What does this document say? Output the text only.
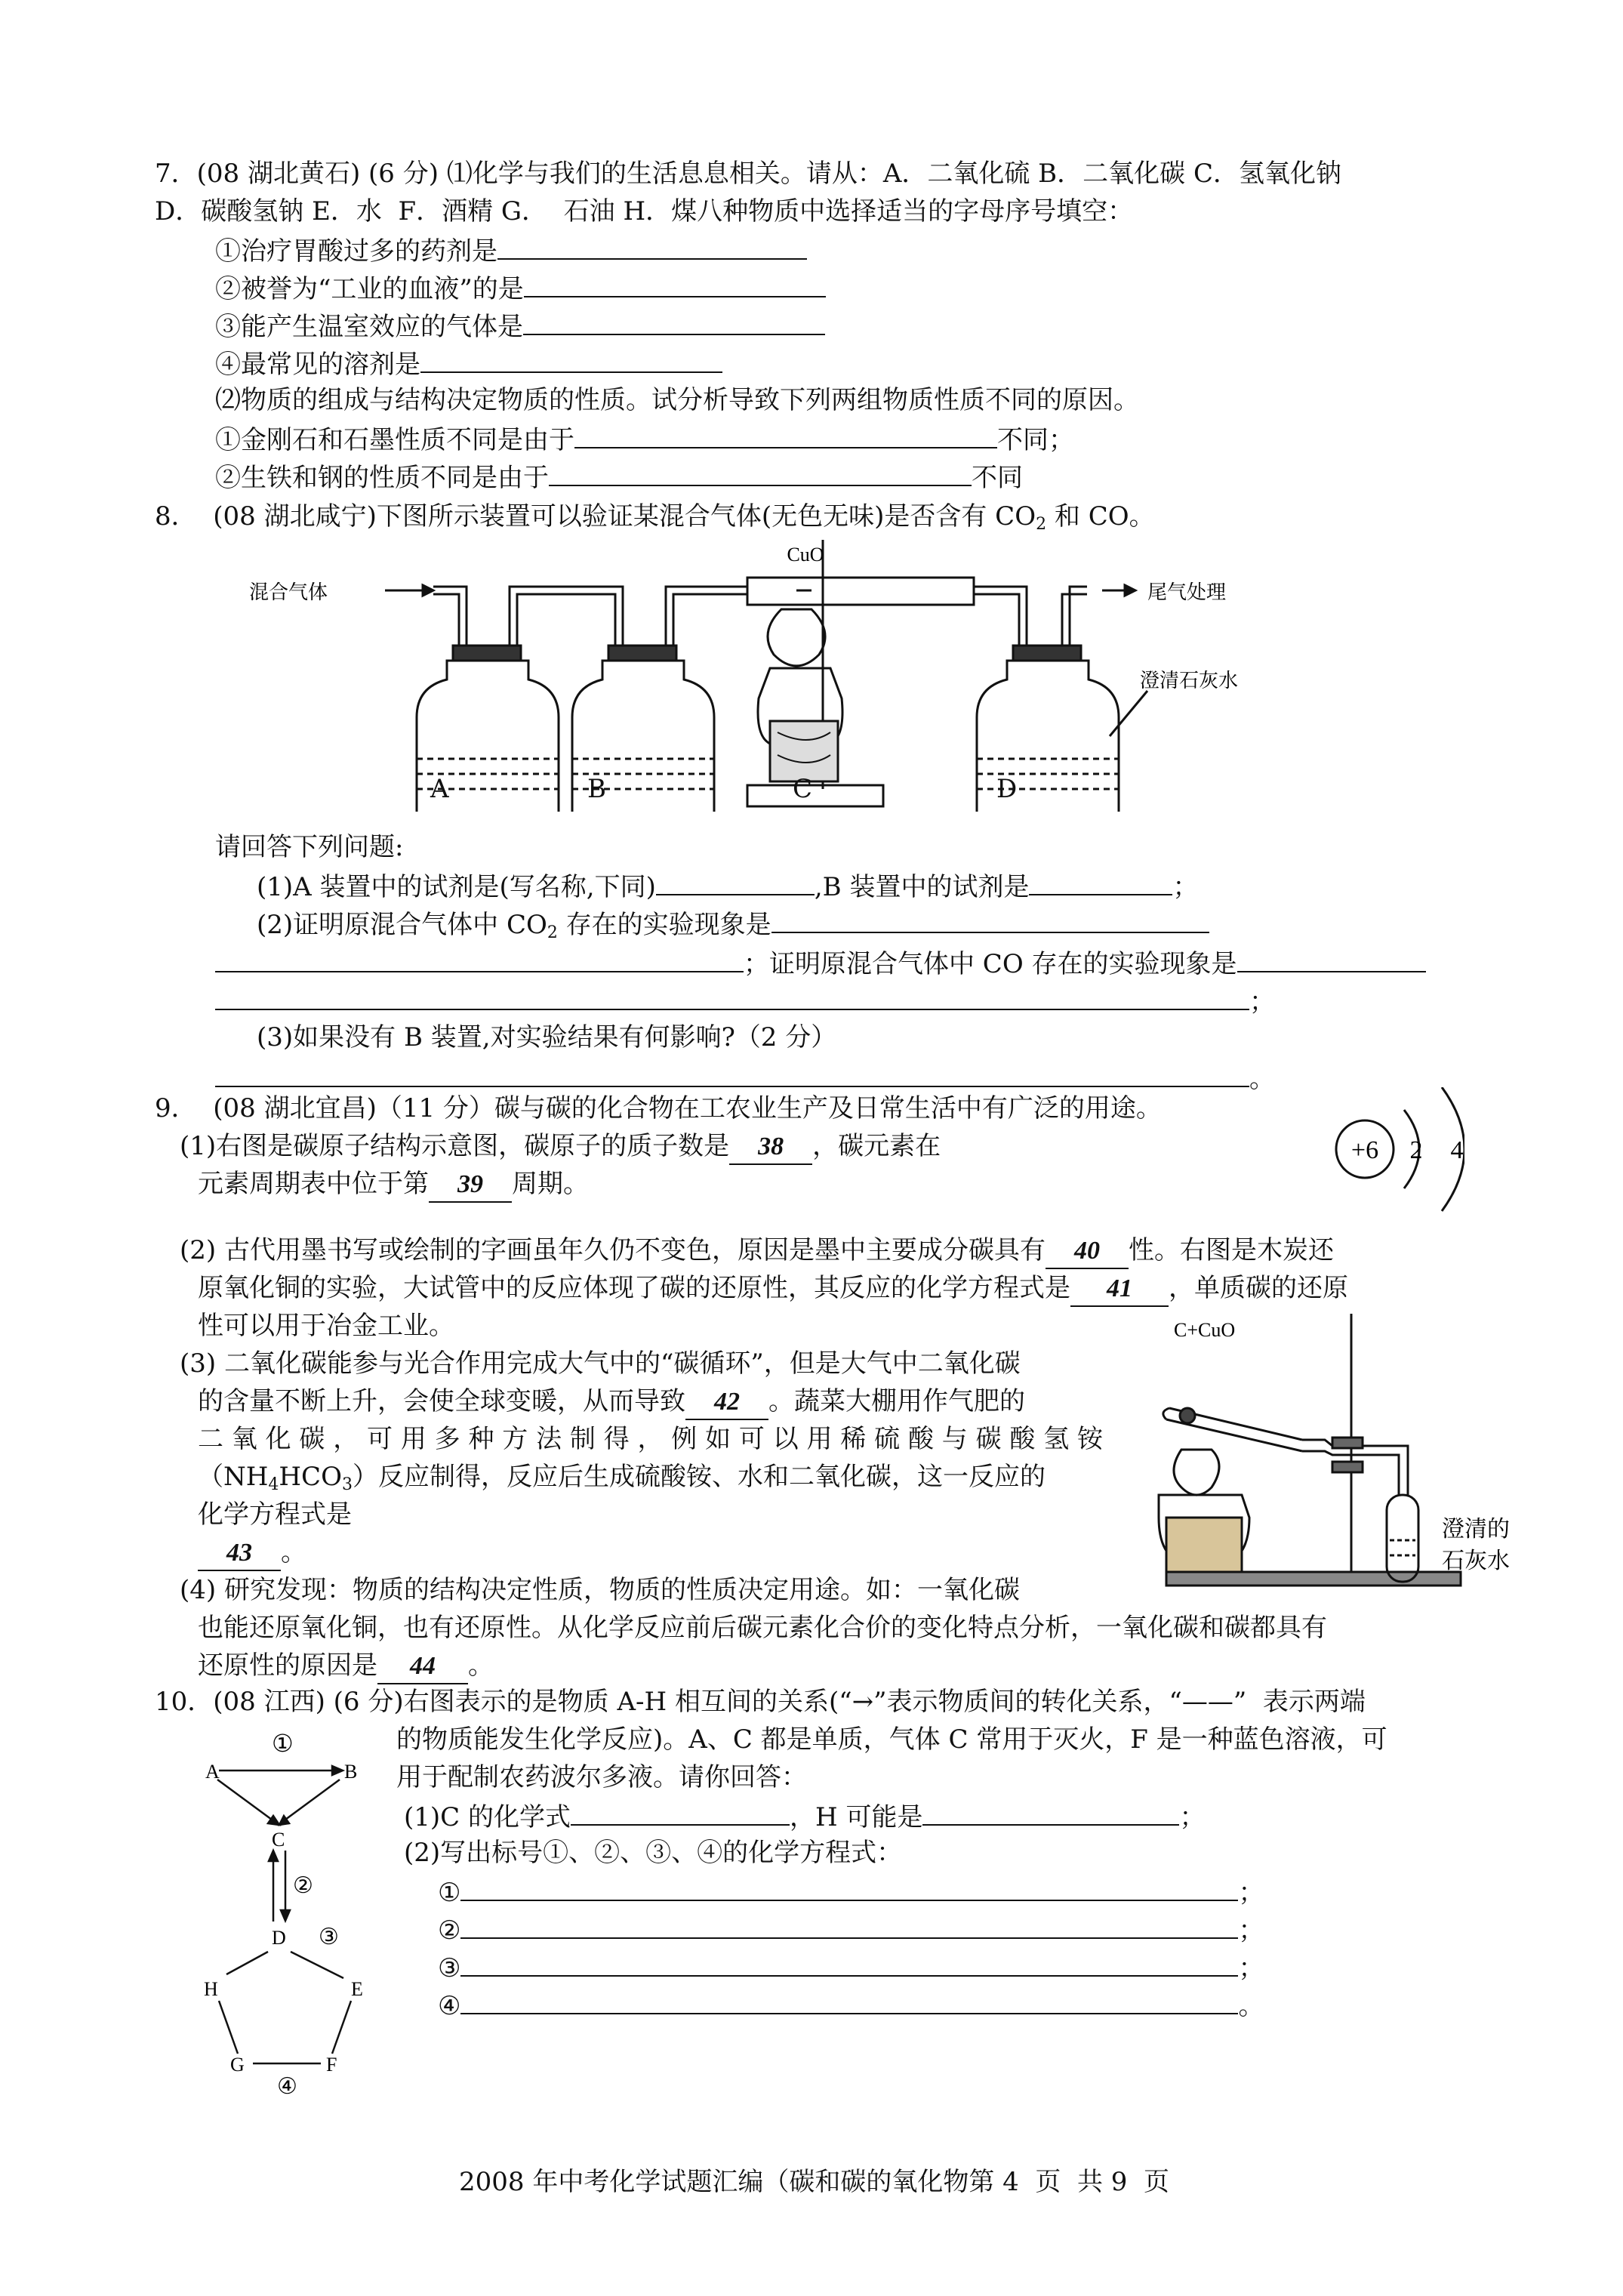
7．(08 湖北黄石) (6 分) ⑴化学与我们的生活息息相关。请从：A．二氧化硫 B．二氧化碳 C．氢氧化钠
D．碳酸氢钠 E．水  F．酒精 G．  石油 H．煤八种物质中选择适当的字母序号填空：
①治疗胃酸过多的药剂是
②被誉为“工业的血液”的是
③能产生温室效应的气体是
④最常见的溶剂是
⑵物质的组成与结构决定物质的性质。试分析导致下列两组物质性质不同的原因。
①金刚石和石墨性质不同是由于	不同；
②生铁和钢的性质不同是由于	不同
8．  (08 湖北咸宁)下图所示装置可以验证某混合气体(无色无味)是否含有 $CO_2$ 和 CO。
混合气体
CuO
尾气处理
澄清石灰水
A	B	C	D
请回答下列问题:
(1)A 装置中的试剂是(写名称,下同)	,B 装置中的试剂是	；
(2)证明原混合气体中 $CO_2$ 存在的实验现象是
；证明原混合气体中 CO 存在的实验现象是
；
(3)如果没有 B 装置,对实验结果有何影响?（2 分）
。
9．  (08 湖北宜昌)（11 分）碳与碳的化合物在工农业生产及日常生活中有广泛的用途。
(1)右图是碳原子结构示意图，碳原子的质子数是 38 ，碳元素在
元素周期表中位于第 39 周期。
+6 2 4
(2) 古代用墨书写或绘制的字画虽年久仍不变色，原因是墨中主要成分碳具有 40 性。右图是木炭还
原氧化铜的实验，大试管中的反应体现了碳的还原性，其反应的化学方程式是 41 ，单质碳的还原
性可以用于冶金工业。
(3) 二氧化碳能参与光合作用完成大气中的“碳循环”，但是大气中二氧化碳
的含量不断上升，会使全球变暖，从而导致 42 。蔬菜大棚用作气肥的
二 氧 化 碳 ， 可 用 多 种 方 法 制 得 ， 例 如 可 以 用 稀 硫 酸 与 碳 酸 氢 铵
$(NH_4HCO_3)$反应制得，反应后生成硫酸铵、水和二氧化碳，这一反应的
化学方程式是
43 。
C+CuO
澄清的
石灰水
(4) 研究发现：物质的结构决定性质，物质的性质决定用途。如：一氧化碳
也能还原氧化铜，也有还原性。从化学反应前后碳元素化合价的变化特点分析，一氧化碳和碳都具有
还原性的原因是 44 。
10．(08 江西) (6 分)右图表示的是物质 A-H 相互间的关系(“→”表示物质间的转化关系，“——”  表示两端
的物质能发生化学反应)。A、C 都是单质，气体 C 常用于灭火，F 是一种蓝色溶液，可
用于配制农药波尔多液。请你回答：
A	B
①
C
②
D ③
H	E
G	F
④
(1)C 的化学式	，H 可能是	；
(2)写出标号①、②、③、④的化学方程式：
①	；
②	；
③	；
④	。
2008 年中考化学试题汇编（碳和碳的氧化物第 4  页  共 9  页
